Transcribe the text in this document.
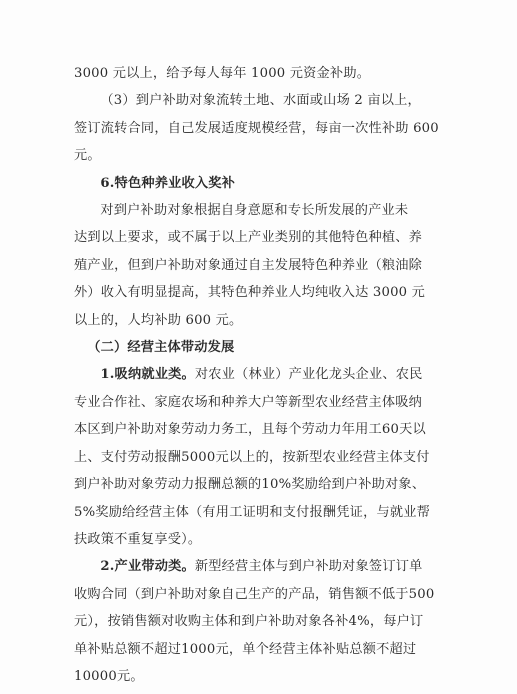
3000 元以上，给予每人每年 1000 元资金补助。

（3）到户补助对象流转土地、水面或山场 2 亩以上，
签订流转合同，自己发展适度规模经营，每亩一次性补助 600
元。

6.特色种养业收入奖补

对到户补助对象根据自身意愿和专长所发展的产业未
达到以上要求，或不属于以上产业类别的其他特色种植、养
殖产业，但到户补助对象通过自主发展特色种养业（粮油除
外）收入有明显提高，其特色种养业人均纯收入达 3000 元
以上的，人均补助 600 元。

（二）经营主体带动发展

1.吸纳就业类。对农业（林业）产业化龙头企业、农民
专业合作社、家庭农场和种养大户等新型农业经营主体吸纳
本区到户补助对象劳动力务工，且每个劳动力年用工60天以
上、支付劳动报酬5000元以上的，按新型农业经营主体支付
到户补助对象劳动力报酬总额的10%奖励给到户补助对象、
5%奖励给经营主体（有用工证明和支付报酬凭证，与就业帮
扶政策不重复享受）。

2.产业带动类。新型经营主体与到户补助对象签订订单
收购合同（到户补助对象自己生产的产品，销售额不低于500
元），按销售额对收购主体和到户补助对象各补4%，每户订
单补贴总额不超过1000元，单个经营主体补贴总额不超过
10000元。
